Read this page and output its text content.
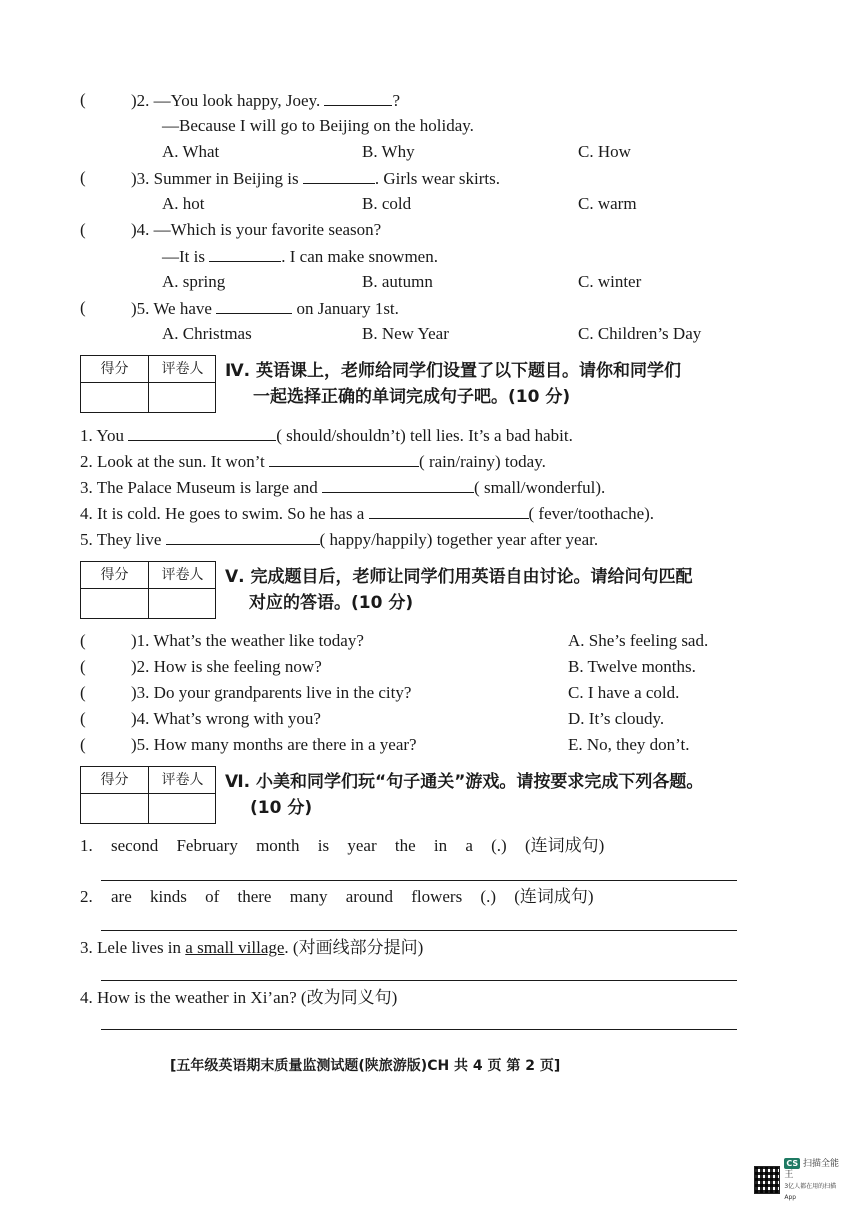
(	)2. —You look happy, Joey.	?
—Because I will go to Beijing on the holiday.
A. What	B. Why	C. How
(	)3. Summer in Beijing is	. Girls wear skirts.
A. hot	B. cold	C. warm
(	)4. —Which is your favorite season?
—It is	. I can make snowmen.
A. spring	B. autumn	C. winter
(	)5. We have	on January 1st.
A. Christmas	B. New Year	C. Children’s Day
得分	评卷人	Ⅳ. 英语课上，老师给同学们设置了以下题目。请你和同学们
一起选择正确的单词完成句子吧。(10 分)
1. You	( should/shouldn’t) tell lies. It’s a bad habit.
2. Look at the sun. It won’t	( rain/rainy) today.
3. The Palace Museum is large and	( small/wonderful).
4. It is cold. He goes to swim. So he has a	( fever/toothache).
5. They live	( happy/happily) together year after year.
得分	评卷人	Ⅴ. 完成题目后，老师让同学们用英语自由讨论。请给问句匹配
对应的答语。(10 分)
(	)1. What’s the weather like today?	A. She’s feeling sad.
(	)2. How is she feeling now?	B. Twelve months.
(	)3. Do your grandparents live in the city?	C. I have a cold.
(	)4. What’s wrong with you?	D. It’s cloudy.
(	)5. How many months are there in a year?	E. No, they don’t.
得分	评卷人	Ⅵ. 小美和同学们玩“句子通关”游戏。请按要求完成下列各题。
(10 分)
1. second February month is year the in a (.) (连词成句)
2. are kinds of there many around flowers (.) (连词成句)
3. Lele lives in a small village. (对画线部分提问)
4. How is the weather in Xi’an? (改为同义句)
[五年级英语期末质量监测试题(陕旅游版)CH 共 4 页 第 2 页]
CS 扫描全能王
3亿人都在用的扫描App
